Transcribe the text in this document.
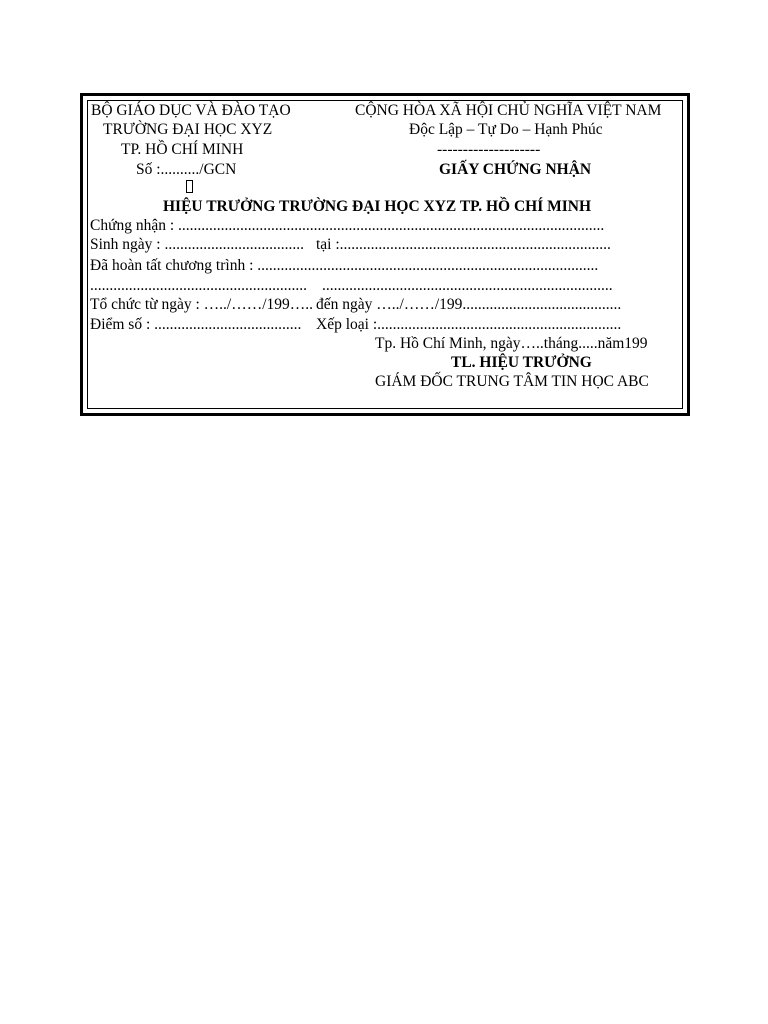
BỘ GIÁO DỤC VÀ ĐÀO TẠO
TRƯỜNG ĐẠI HỌC XYZ
TP. HỒ CHÍ MINH
Số :........../GCN
CỘNG HÒA XÃ HỘI CHỦ NGHĨA VIỆT NAM
Độc Lập – Tự Do – Hạnh Phúc
--------------------
GIẤY CHỨNG NHẬN
HIỆU TRƯỞNG TRƯỜNG ĐẠI HỌC XYZ TP. HỒ CHÍ MINH
Chứng nhận : ..............................................................................................................
Sinh ngày : .................................... tại :......................................................................
Đã hoàn tất chương trình : ........................................................................................
........................................................ ...........................................................................
Tổ chức từ ngày : …../……/199….. đến ngày …../……/199.........................................
Điểm số : ...................................... Xếp loại :...............................................................
Tp. Hồ Chí Minh, ngày…..tháng.....năm199
TL. HIỆU TRƯỞNG
GIÁM ĐỐC TRUNG TÂM TIN HỌC ABC
